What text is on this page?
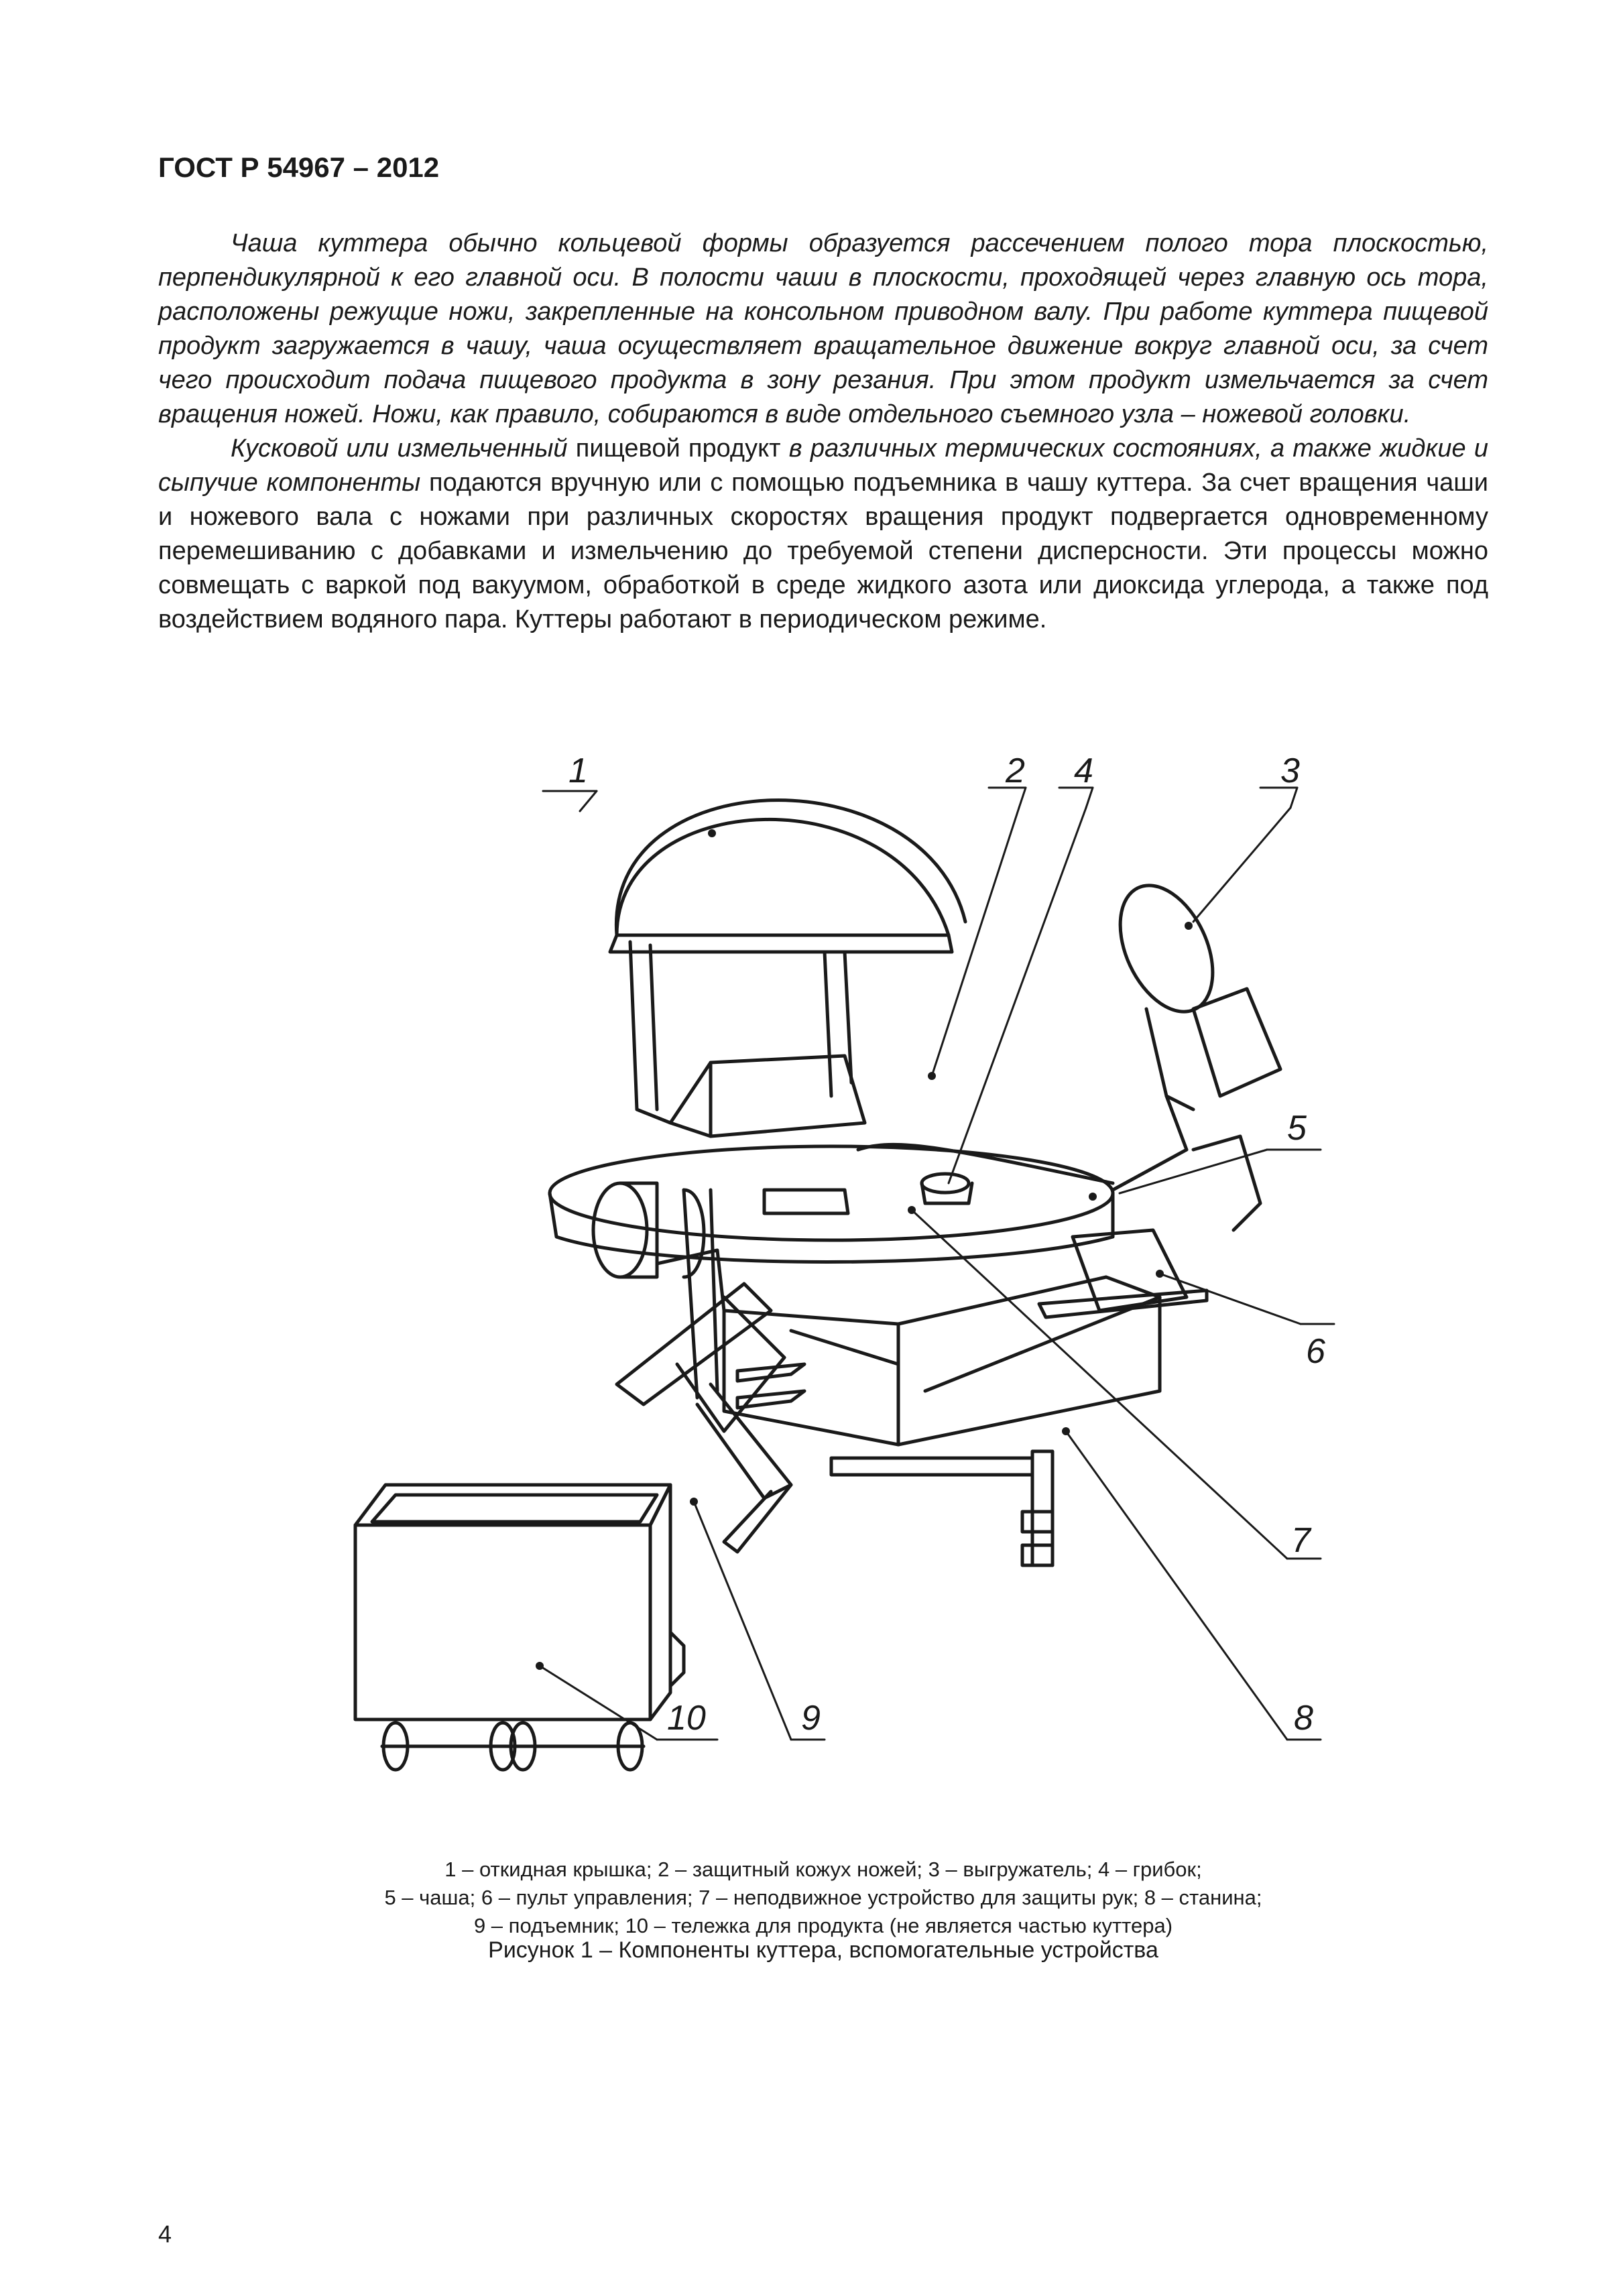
ГОСТ Р 54967 – 2012

Чаша куттера обычно кольцевой формы образуется рассечением полого тора плоскостью, перпендикулярной к его главной оси. В полости чаши в плоскости, проходящей через главную ось тора, расположены режущие ножи, закрепленные на консольном приводном валу. При работе куттера пищевой продукт загружается в чашу, чаша осуществляет вращательное движение вокруг главной оси, за счет чего происходит подача пищевого продукта в зону резания. При этом продукт измельчается за счет вращения ножей. Ножи, как правило, собираются в виде отдельного съемного узла – ножевой головки.

Кусковой или измельченный пищевой продукт в различных термических состояниях, а также жидкие и сыпучие компоненты подаются вручную или с помощью подъемника в чашу куттера. За счет вращения чаши и ножевого вала с ножами при различных скоростях вращения продукт подвергается одновременному перемешиванию с добавками и измельчению до требуемой степени дисперсности. Эти процессы можно совмещать с варкой под вакуумом, обработкой в среде жидкого азота или диоксида углерода, а также под воздействием водяного пара. Куттеры работают в периодическом режиме.

1	2 4	3
5
6
7
10	9	8
1 – откидная крышка; 2 – защитный кожух ножей; 3 – выгружатель; 4 – грибок;
5 – чаша; 6 – пульт управления; 7 – неподвижное устройство для защиты рук; 8 – станина;
9 – подъемник; 10 – тележка для продукта (не является частью куттера)
Рисунок 1 – Компоненты куттера, вспомогательные устройства
4
